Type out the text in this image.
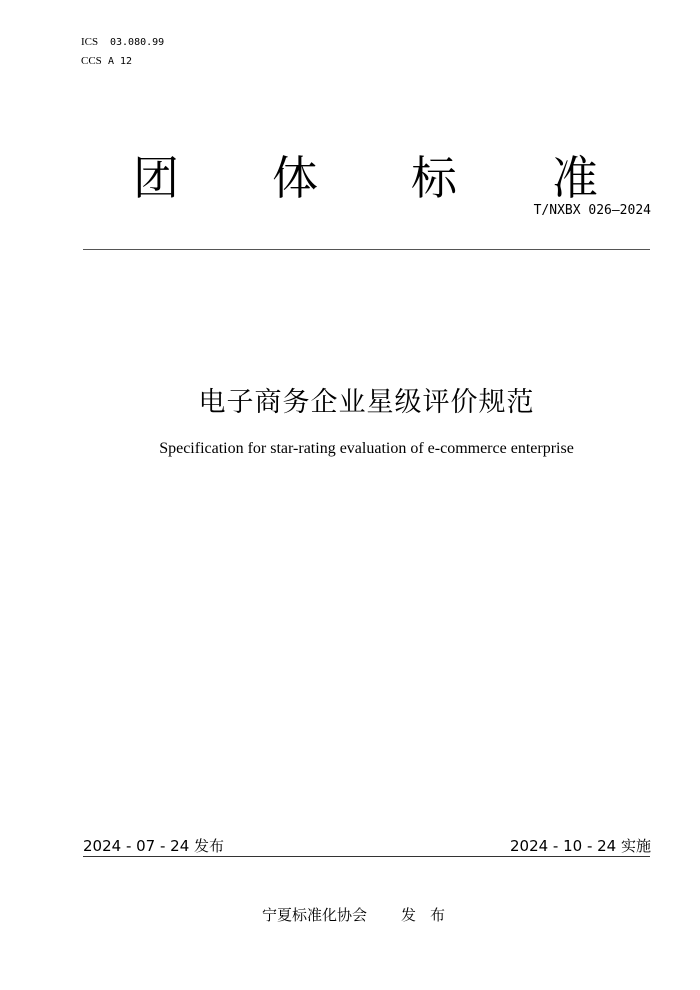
ICS	03.080.99
CCS A 12
团 体 标 准
T/NXBX 026—2024
电子商务企业星级评价规范
Specification for star-rating evaluation of e-commerce enterprise
2024 - 07 - 24 发布	2024 - 10 - 24 实施
宁夏标准化协会 发布
